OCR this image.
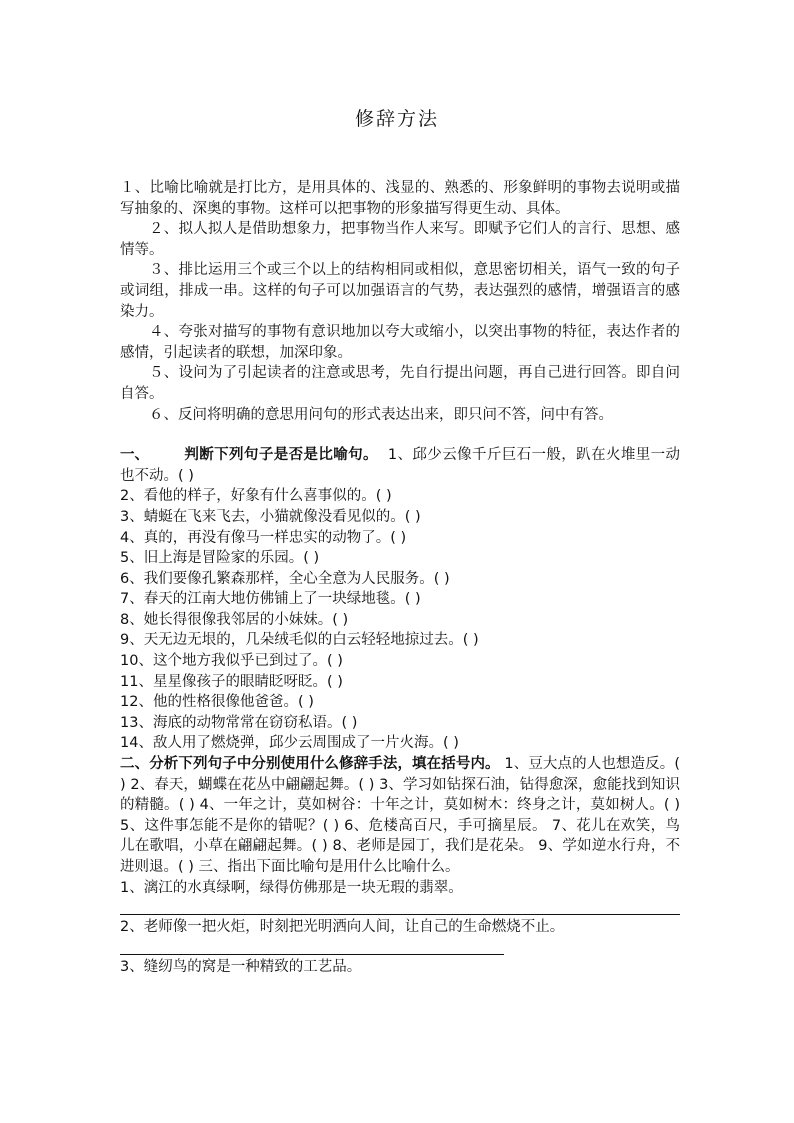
修辞方法

１、比喻比喻就是打比方，是用具体的、浅显的、熟悉的、形象鲜明的事物去说明或描写抽象的、深奥的事物。这样可以把事物的形象描写得更生动、具体。

２、拟人拟人是借助想象力，把事物当作人来写。即赋予它们人的言行、思想、感情等。

３、排比运用三个或三个以上的结构相同或相似，意思密切相关，语气一致的句子或词组，排成一串。这样的句子可以加强语言的气势，表达强烈的感情，增强语言的感染力。

４、夸张对描写的事物有意识地加以夸大或缩小，以突出事物的特征，表达作者的感情，引起读者的联想，加深印象。

５、设问为了引起读者的注意或思考，先自行提出问题，再自己进行回答。即自问自答。

６、反问将明确的意思用问句的形式表达出来，即只问不答，问中有答。

一、 判断下列句子是否是比喻句。 1、邱少云像千斤巨石一般，趴在火堆里一动也不动。( )

2、看他的样子，好象有什么喜事似的。( )

3、蜻蜓在飞来飞去，小猫就像没看见似的。( )

4、真的，再没有像马一样忠实的动物了。( )

5、旧上海是冒险家的乐园。( )

6、我们要像孔繁森那样，全心全意为人民服务。( )

7、春天的江南大地仿佛铺上了一块绿地毯。( )

8、她长得很像我邻居的小妹妹。( )

9、天无边无垠的，几朵绒毛似的白云轻轻地掠过去。( )

10、这个地方我似乎已到过了。( )

11、星星像孩子的眼睛眨呀眨。( )

12、他的性格很像他爸爸。( )

13、海底的动物常常在窃窃私语。( )

14、敌人用了燃烧弹，邱少云周围成了一片火海。( )

二、分析下列句子中分别使用什么修辞手法，填在括号内。 1、豆大点的人也想造反。( ) 2、春天，蝴蝶在花丛中翩翩起舞。( ) 3、学习如钻探石油，钻得愈深，愈能找到知识的精髓。( ) 4、一年之计，莫如树谷：十年之计，莫如树木：终身之计，莫如树人。( ) 5、这件事怎能不是你的错呢？( ) 6、危楼高百尺，手可摘星辰。 7、花儿在欢笑，鸟儿在歌唱，小草在翩翩起舞。( ) 8、老师是园丁，我们是花朵。 9、学如逆水行舟，不进则退。( ) 三、指出下面比喻句是用什么比喻什么。

1、漓江的水真绿啊，绿得仿佛那是一块无瑕的翡翠。

2、老师像一把火炬，时刻把光明洒向人间，让自己的生命燃烧不止。

3、缝纫鸟的窝是一种精致的工艺品。
